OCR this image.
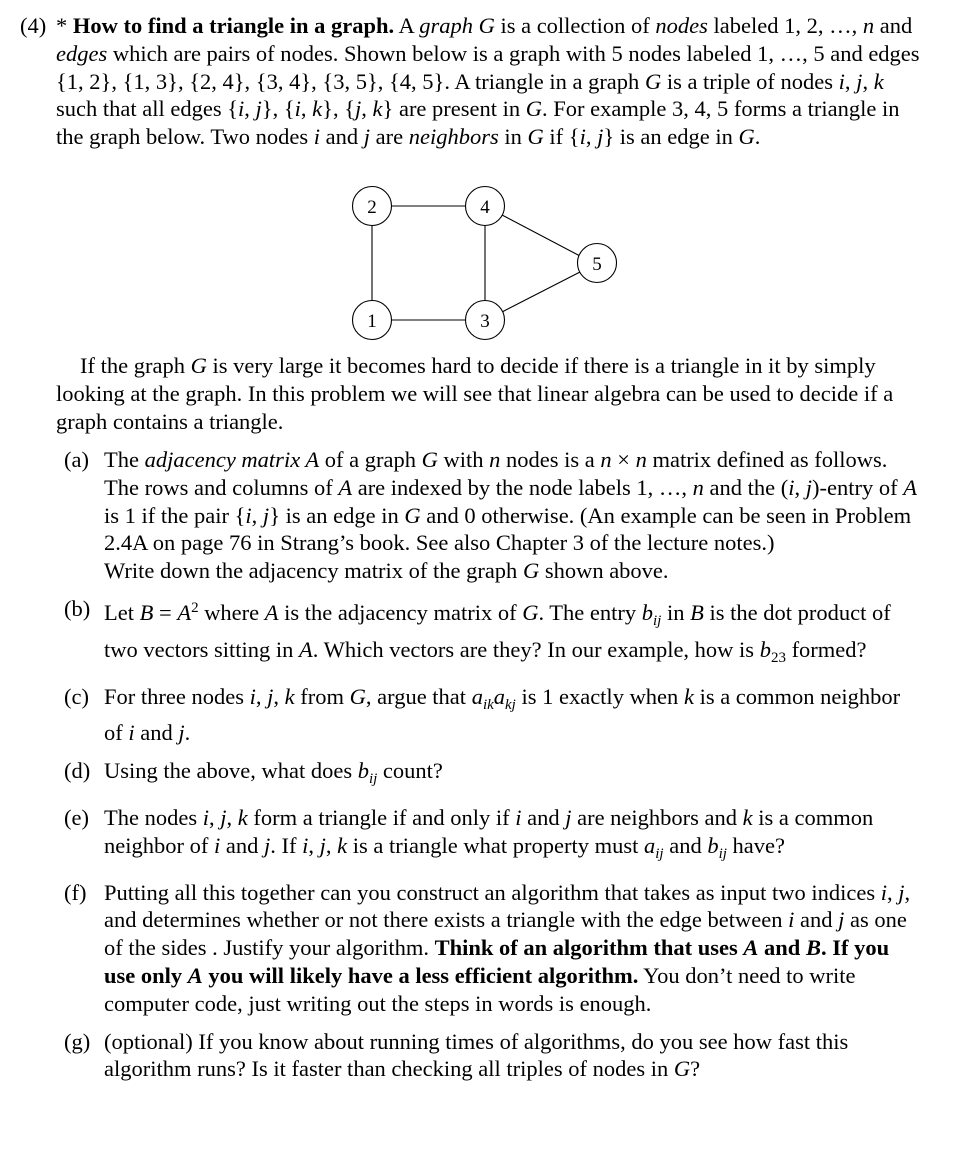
(4) * How to find a triangle in a graph. A graph G is a collection of nodes labeled 1, 2, …, n and edges which are pairs of nodes. Shown below is a graph with 5 nodes labeled 1, …, 5 and edges {1, 2}, {1, 3}, {2, 4}, {3, 4}, {3, 5}, {4, 5}. A triangle in a graph G is a triple of nodes i, j, k such that all edges {i, j}, {i, k}, {j, k} are present in G. For example 3, 4, 5 forms a triangle in the graph below. Two nodes i and j are neighbors in G if {i, j} is an edge in G.
2	4
5
1	3
If the graph G is very large it becomes hard to decide if there is a triangle in it by simply looking at the graph. In this problem we will see that linear algebra can be used to decide if a graph contains a triangle.
(a) The adjacency matrix A of a graph G with n nodes is a n × n matrix defined as follows. The rows and columns of A are indexed by the node labels 1, …, n and the (i, j)-entry of A is 1 if the pair {i, j} is an edge in G and 0 otherwise. (An example can be seen in Problem 2.4A on page 76 in Strang’s book. See also Chapter 3 of the lecture notes.)
Write down the adjacency matrix of the graph G shown above.
(b) Let $B = A^2$ where A is the adjacency matrix of G. The entry $b_{ij}$ in B is the dot product of two vectors sitting in A. Which vectors are they? In our example, how is $b_{23}$ formed?
(c) For three nodes i, j, k from G, argue that $a_{ik}a_{kj}$ is 1 exactly when k is a common neighbor of i and j.
(d) Using the above, what does $b_{ij}$ count?
(e) The nodes i, j, k form a triangle if and only if i and j are neighbors and k is a common neighbor of i and j. If i, j, k is a triangle what property must $a_{ij}$ and $b_{ij}$ have?
(f) Putting all this together can you construct an algorithm that takes as input two indices i, j, and determines whether or not there exists a triangle with the edge between i and j as one of the sides . Justify your algorithm. Think of an algorithm that uses A and B. If you use only A you will likely have a less efficient algorithm. You don’t need to write computer code, just writing out the steps in words is enough.
(g) (optional) If you know about running times of algorithms, do you see how fast this algorithm runs? Is it faster than checking all triples of nodes in G?
